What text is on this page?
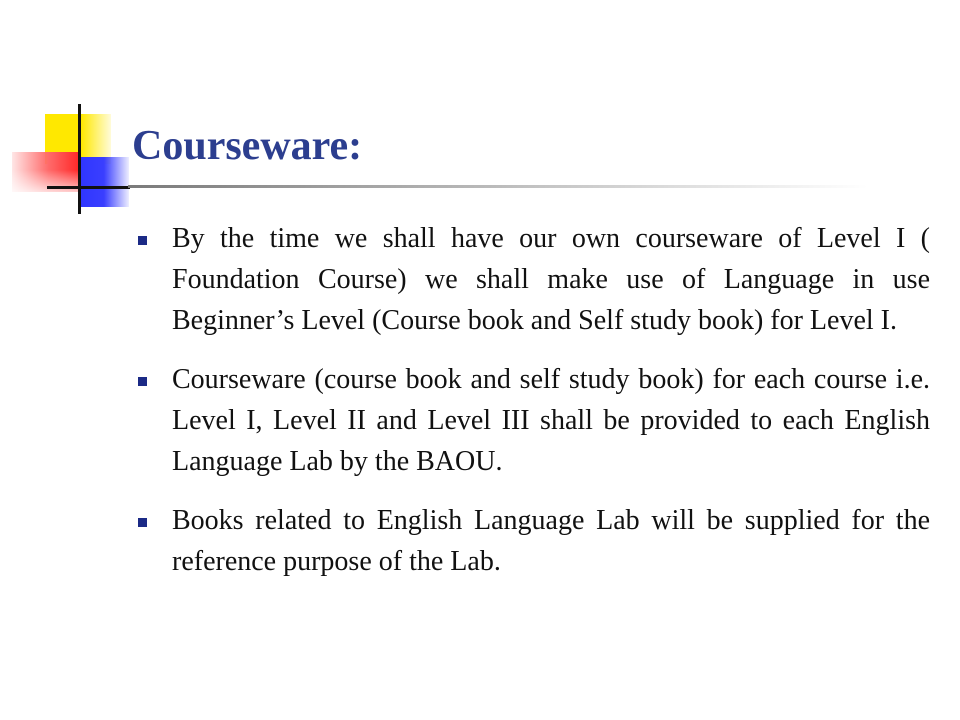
Courseware:
By the time we shall have our own courseware of Level I ( Foundation Course) we shall make use of Language in use Beginner’s Level (Course book and Self study book) for Level I.
Courseware (course book and self study book) for each course i.e. Level I, Level II and Level III shall be provided to each English Language Lab by the BAOU.
Books related to English Language Lab will be supplied for the reference purpose of the Lab.
